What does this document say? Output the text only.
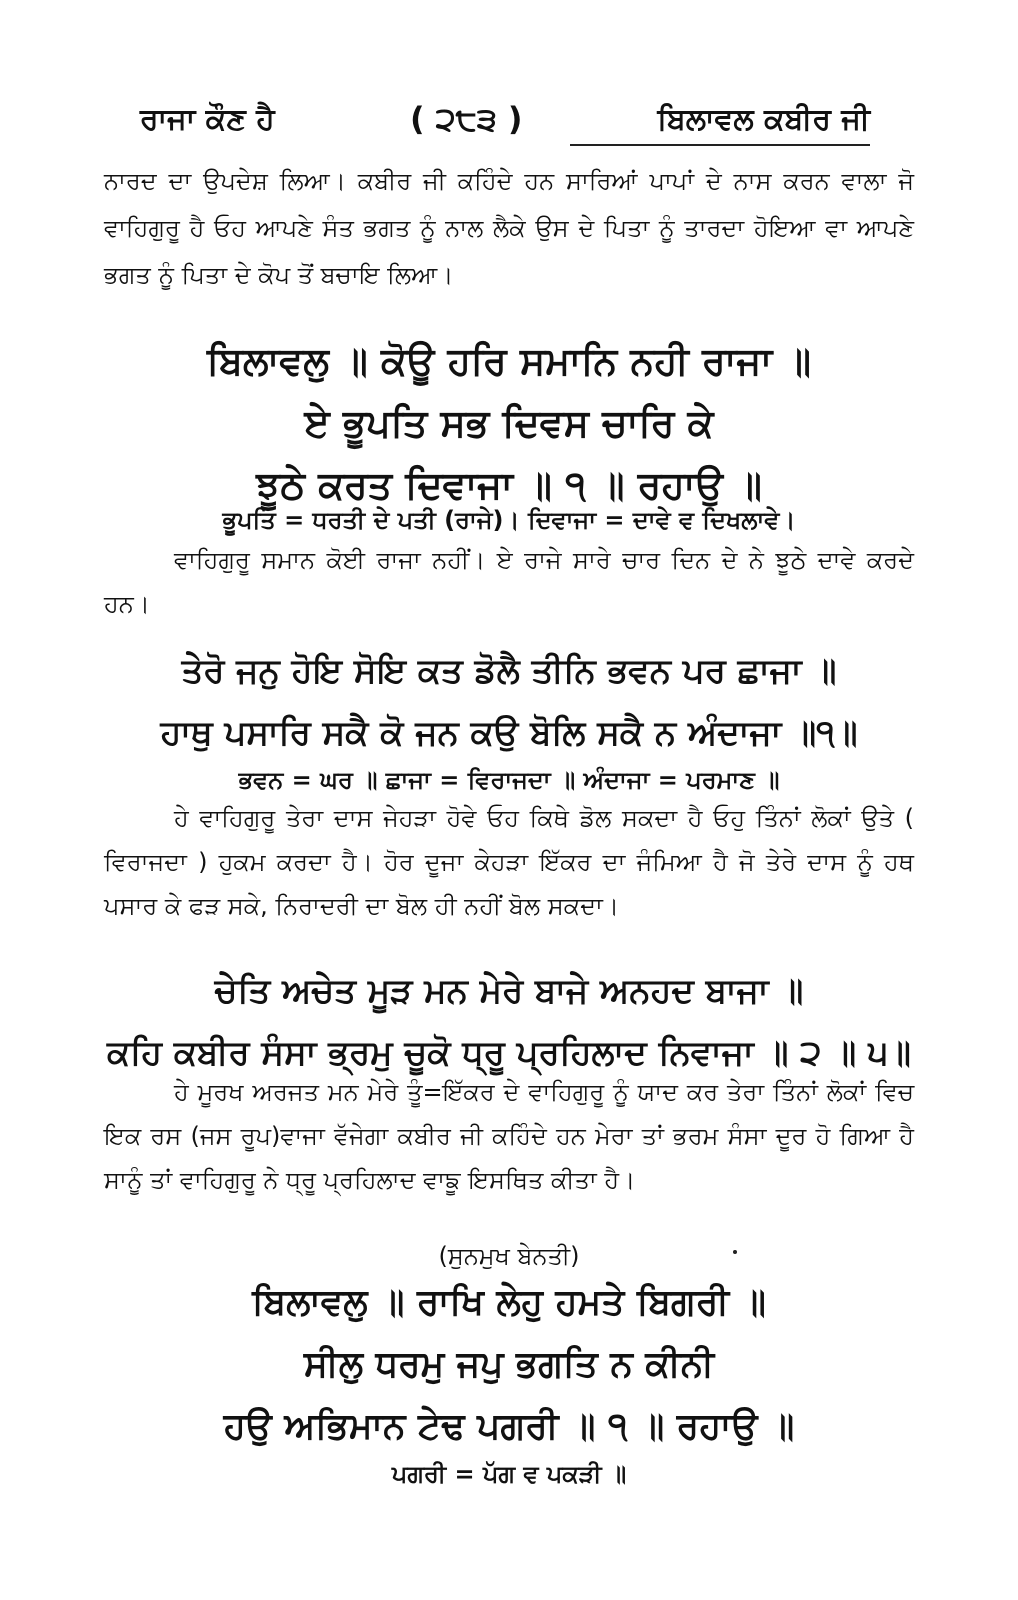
ਰਾਜਾ ਕੌਣ ਹੈ	( ੨੮੩ )	ਬਿਲਾਵਲ ਕਬੀਰ ਜੀ
ਨਾਰਦ ਦਾ ਉਪਦੇਸ਼ ਲਿਆ। ਕਬੀਰ ਜੀ ਕਹਿੰਦੇ ਹਨ ਸਾਰਿਆਂ ਪਾਪਾਂ ਦੇ ਨਾਸ ਕਰਨ ਵਾਲਾ ਜੋ ਵਾਹਿਗੁਰੂ ਹੈ ਓਹ ਆਪਣੇ ਸੰਤ ਭਗਤ ਨੂੰ ਨਾਲ ਲੈਕੇ ਉਸ ਦੇ ਪਿਤਾ ਨੂੰ ਤਾਰਦਾ ਹੋਇਆ ਵਾ ਆਪਣੇ ਭਗਤ ਨੂੰ ਪਿਤਾ ਦੇ ਕੋਪ ਤੋਂ ਬਚਾਇ ਲਿਆ।
ਬਿਲਾਵਲੁ ॥ ਕੋਊ ਹਰਿ ਸਮਾਨਿ ਨਹੀ ਰਾਜਾ ॥
ਏ ਭੂਪਤਿ ਸਭ ਦਿਵਸ ਚਾਰਿ ਕੇ
ਝੂਠੇ ਕਰਤ ਦਿਵਾਜਾ ॥ ੧ ॥ ਰਹਾਉ ॥
ਭੂਪਤਿ = ਧਰਤੀ ਦੇ ਪਤੀ (ਰਾਜੇ)। ਦਿਵਾਜਾ = ਦਾਵੇ ਵ ਦਿਖਲਾਵੇ।
ਵਾਹਿਗੁਰੂ ਸਮਾਨ ਕੋਈ ਰਾਜਾ ਨਹੀਂ। ਏ ਰਾਜੇ ਸਾਰੇ ਚਾਰ ਦਿਨ ਦੇ ਨੇ ਝੂਠੇ ਦਾਵੇ ਕਰਦੇ ਹਨ।
ਤੇਰੋ ਜਨੁ ਹੋਇ ਸੋਇ ਕਤ ਡੋਲੈ ਤੀਨਿ ਭਵਨ ਪਰ ਛਾਜਾ ॥
ਹਾਥੁ ਪਸਾਰਿ ਸਕੈ ਕੋ ਜਨ ਕਉ ਬੋਲਿ ਸਕੈ ਨ ਅੰਦਾਜਾ ॥੧॥
ਭਵਨ = ਘਰ ॥ ਛਾਜਾ = ਵਿਰਾਜਦਾ ॥ ਅੰਦਾਜਾ = ਪਰਮਾਣ ॥
ਹੇ ਵਾਹਿਗੁਰੂ ਤੇਰਾ ਦਾਸ ਜੇਹੜਾ ਹੋਵੇ ਓਹ ਕਿਥੇ ਡੋਲ ਸਕਦਾ ਹੈ ਓਹੁ ਤਿੰਨਾਂ ਲੋਕਾਂ ਉਤੇ ( ਵਿਰਾਜਦਾ ) ਹੁਕਮ ਕਰਦਾ ਹੈ। ਹੋਰ ਦੂਜਾ ਕੇਹੜਾ ਇੱਕਰ ਦਾ ਜੰਮਿਆ ਹੈ ਜੋ ਤੇਰੇ ਦਾਸ ਨੂੰ ਹਥ ਪਸਾਰ ਕੇ ਫੜ ਸਕੇ, ਨਿਰਾਦਰੀ ਦਾ ਬੋਲ ਹੀ ਨਹੀਂ ਬੋਲ ਸਕਦਾ।
ਚੇਤਿ ਅਚੇਤ ਮੂੜ ਮਨ ਮੇਰੇ ਬਾਜੇ ਅਨਹਦ ਬਾਜਾ ॥
ਕਹਿ ਕਬੀਰ ਸੰਸਾ ਭ੍ਰਮੁ ਚੂਕੋ ਧ੍ਰੂ ਪ੍ਰਹਿਲਾਦ ਨਿਵਾਜਾ ॥ ੨ ॥ ੫॥
ਹੇ ਮੂਰਖ ਅਰਜਤ ਮਨ ਮੇਰੇ ਤੂੰ=ਇੱਕਰ ਦੇ ਵਾਹਿਗੁਰੂ ਨੂੰ ਯਾਦ ਕਰ ਤੇਰਾ ਤਿੰਨਾਂ ਲੋਕਾਂ ਵਿਚ ਇਕ ਰਸ (ਜਸ ਰੂਪ)ਵਾਜਾ ਵੱਜੇਗਾ ਕਬੀਰ ਜੀ ਕਹਿੰਦੇ ਹਨ ਮੇਰਾ ਤਾਂ ਭਰਮ ਸੰਸਾ ਦੂਰ ਹੋ ਗਿਆ ਹੈ ਸਾਨੂੰ ਤਾਂ ਵਾਹਿਗੁਰੂ ਨੇ ਧ੍ਰੂ ਪ੍ਰਹਿਲਾਦ ਵਾਙੂ ਇਸਥਿਤ ਕੀਤਾ ਹੈ।
(ਸੁਨਮੁਖ ਬੇਨਤੀ)
ਬਿਲਾਵਲੁ ॥ ਰਾਖਿ ਲੇਹੁ ਹਮਤੇ ਬਿਗਰੀ ॥
ਸੀਲੁ ਧਰਮੁ ਜਪੁ ਭਗਤਿ ਨ ਕੀਨੀ
ਹਉ ਅਭਿਮਾਨ ਟੇਢ ਪਗਰੀ ॥ ੧ ॥ ਰਹਾਉ ॥
ਪਗਰੀ = ਪੱਗ ਵ ਪਕੜੀ ॥
